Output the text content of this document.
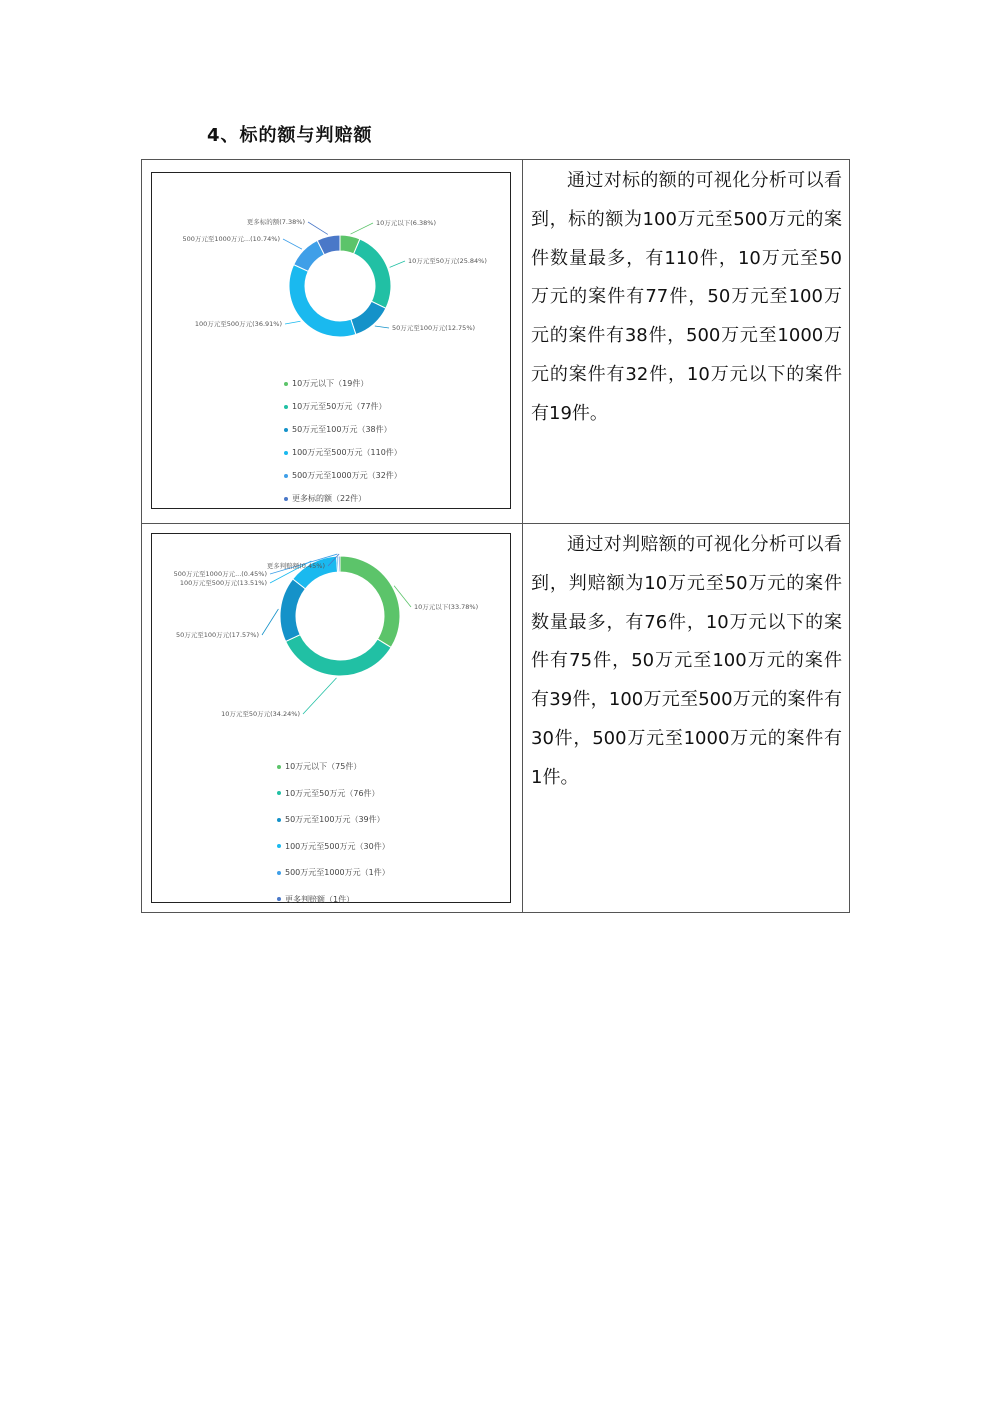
4、标的额与判赔额
10万元以下(6.38%)
10万元至50万元(25.84%)
50万元至100万元(12.75%)
100万元至500万元(36.91%)
500万元至1000万元...(10.74%)
更多标的额(7.38%)
10万元以下（19件）
10万元至50万元（77件）
50万元至100万元（38件）
100万元至500万元（110件）
500万元至1000万元（32件）
更多标的额（22件）
通过对标的额的可视化分析可以看到，标的额为100万元至500万元的案件数量最多，有110件，10万元至50万元的案件有77件，50万元至100万元的案件有38件，500万元至1000万元的案件有32件，10万元以下的案件有19件。
10万元以下(33.78%)
10万元至50万元(34.24%)
50万元至100万元(17.57%)
100万元至500万元(13.51%)
500万元至1000万元...(0.45%)
更多判赔额(0.45%)
10万元以下（75件）
10万元至50万元（76件）
50万元至100万元（39件）
100万元至500万元（30件）
500万元至1000万元（1件）
更多判赔额（1件）
通过对判赔额的可视化分析可以看到，判赔额为10万元至50万元的案件数量最多，有76件，10万元以下的案件有75件，50万元至100万元的案件有39件，100万元至500万元的案件有30件，500万元至1000万元的案件有1件。
